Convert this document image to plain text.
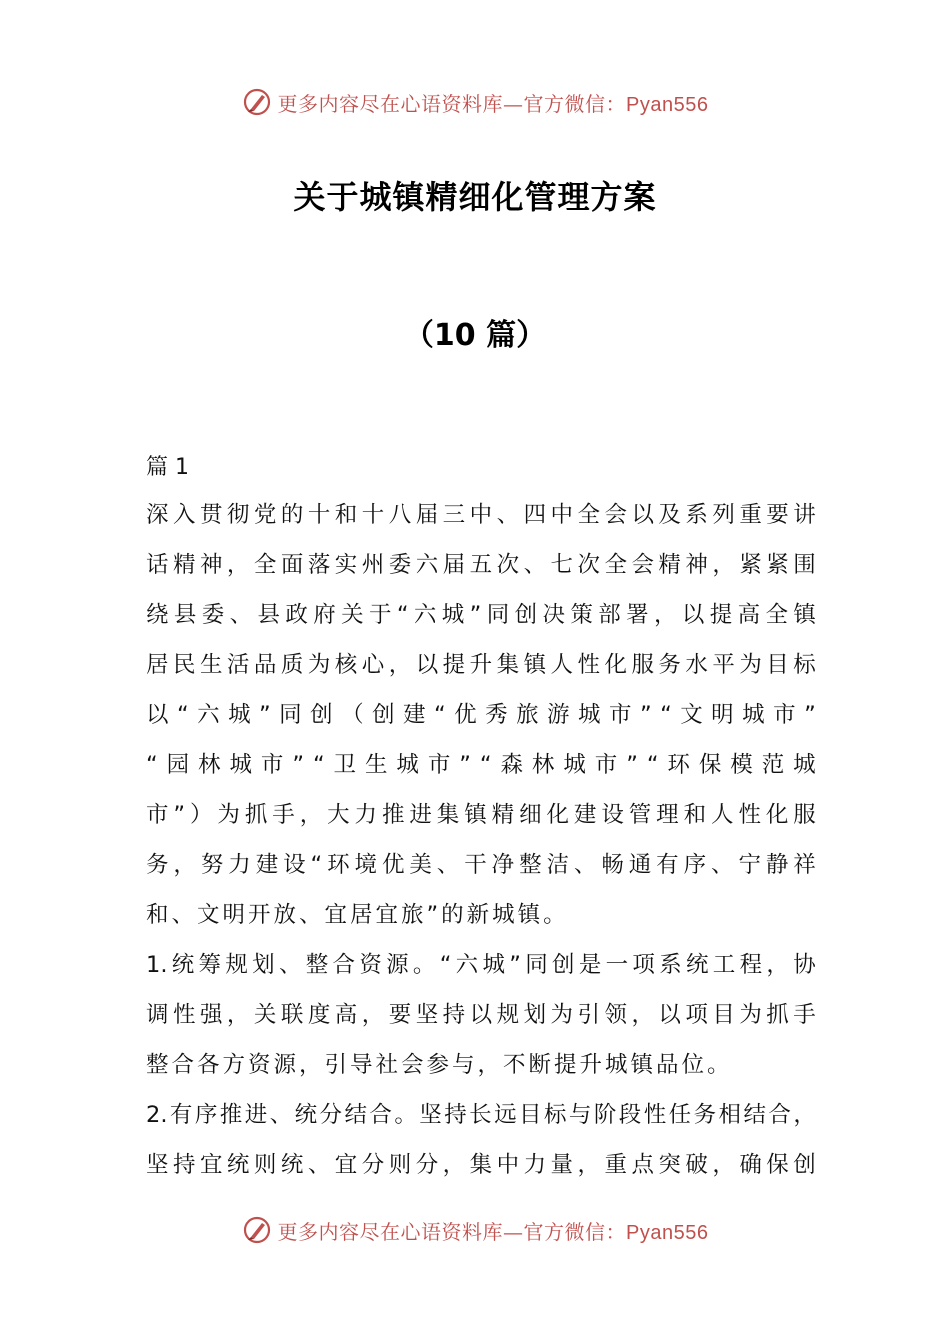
更多内容尽在心语资料库—官方微信：Pyan556
关于城镇精细化管理方案
（10 篇）
篇 1
深 入 贯 彻 党 的 十 和 十 八 届 三 中 、 四 中 全 会 以 及 系 列 重 要 讲
话 精 神 ， 全 面 落 实 州 委 六 届 五 次 、 七 次 全 会 精 神 ， 紧 紧 围
绕 县 委 、 县 政 府 关 于 “ 六 城 ” 同 创 决 策 部 署 ， 以 提 高 全 镇
居 民 生 活 品 质 为 核 心 ， 以 提 升 集 镇 人 性 化 服 务 水 平 为 目 标
以 “ 六 城 ” 同 创 （ 创 建 “ 优 秀 旅 游 城 市 ” “ 文 明 城 市 ”
“ 园 林 城 市 ” “ 卫 生 城 市 ” “ 森 林 城 市 ” “ 环 保 模 范 城
市 ” ） 为 抓 手 ， 大 力 推 进 集 镇 精 细 化 建 设 管 理 和 人 性 化 服
务 ， 努 力 建 设 “ 环 境 优 美 、 干 净 整 洁 、 畅 通 有 序 、 宁 静 祥
和、文明开放、宜居宜旅”的新城镇。
1. 统 筹 规 划 、 整 合 资 源 。 “ 六 城 ” 同 创 是 一 项 系 统 工 程 ， 协
调 性 强 ， 关 联 度 高 ， 要 坚 持 以 规 划 为 引 领 ， 以 项 目 为 抓 手
整合各方资源，引导社会参与，不断提升城镇品位。
2. 有 序 推 进 、 统 分 结 合 。 坚 持 长 远 目 标 与 阶 段 性 任 务 相 结 合 ，
坚 持 宜 统 则 统 、 宜 分 则 分 ， 集 中 力 量 ， 重 点 突 破 ， 确 保 创
更多内容尽在心语资料库—官方微信：Pyan556
